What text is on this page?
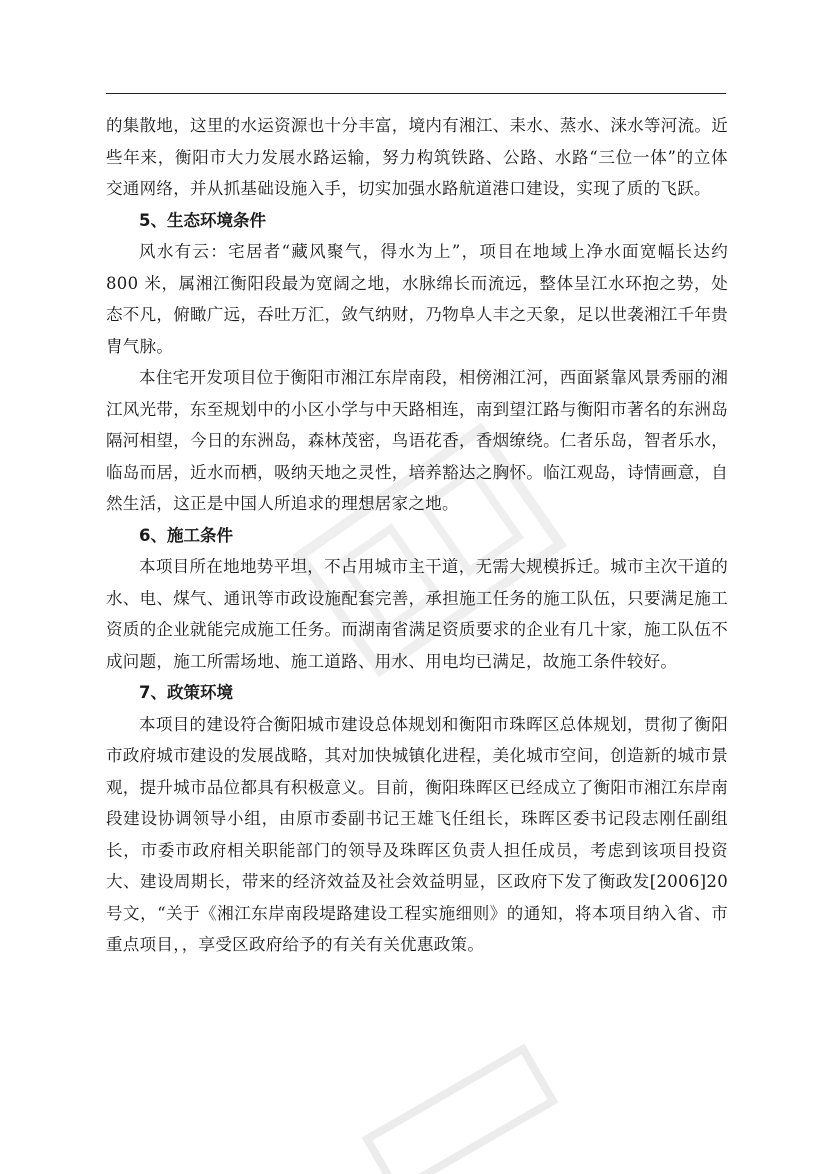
的集散地，这里的水运资源也十分丰富，境内有湘江、耒水、蒸水、涞水等河流。近些年来，衡阳市大力发展水路运输，努力构筑铁路、公路、水路“三位一体”的立体交通网络，并从抓基础设施入手，切实加强水路航道港口建设，实现了质的飞跃。

5、生态环境条件

风水有云：宅居者“藏风聚气，得水为上”，项目在地域上净水面宽幅长达约 800 米，属湘江衡阳段最为宽阔之地，水脉绵长而流远，整体呈江水环抱之势，处态不凡，俯瞰广远，吞吐万汇，敛气纳财，乃物阜人丰之天象，足以世袭湘江千年贵胄气脉。

本住宅开发项目位于衡阳市湘江东岸南段，相傍湘江河，西面紧靠风景秀丽的湘江风光带，东至规划中的小区小学与中天路相连，南到望江路与衡阳市著名的东洲岛隔河相望，今日的东洲岛，森林茂密，鸟语花香，香烟缭绕。仁者乐岛，智者乐水，临岛而居，近水而栖，吸纳天地之灵性，培养豁达之胸怀。临江观岛，诗情画意，自然生活，这正是中国人所追求的理想居家之地。

6、施工条件

本项目所在地地势平坦，不占用城市主干道，无需大规模拆迁。城市主次干道的水、电、煤气、通讯等市政设施配套完善，承担施工任务的施工队伍，只要满足施工资质的企业就能完成施工任务。而湖南省满足资质要求的企业有几十家，施工队伍不成问题，施工所需场地、施工道路、用水、用电均已满足，故施工条件较好。

7、政策环境

本项目的建设符合衡阳城市建设总体规划和衡阳市珠晖区总体规划，贯彻了衡阳市政府城市建设的发展战略，其对加快城镇化进程，美化城市空间，创造新的城市景观，提升城市品位都具有积极意义。目前，衡阳珠晖区已经成立了衡阳市湘江东岸南段建设协调领导小组，由原市委副书记王雄飞任组长，珠晖区委书记段志刚任副组长，市委市政府相关职能部门的领导及珠晖区负责人担任成员，考虑到该项目投资大、建设周期长，带来的经济效益及社会效益明显，区政府下发了衡政发[2006]20 号文，“关于《湘江东岸南段堤路建设工程实施细则》的通知，将本项目纳入省、市重点项目，，享受区政府给予的有关有关优惠政策。
